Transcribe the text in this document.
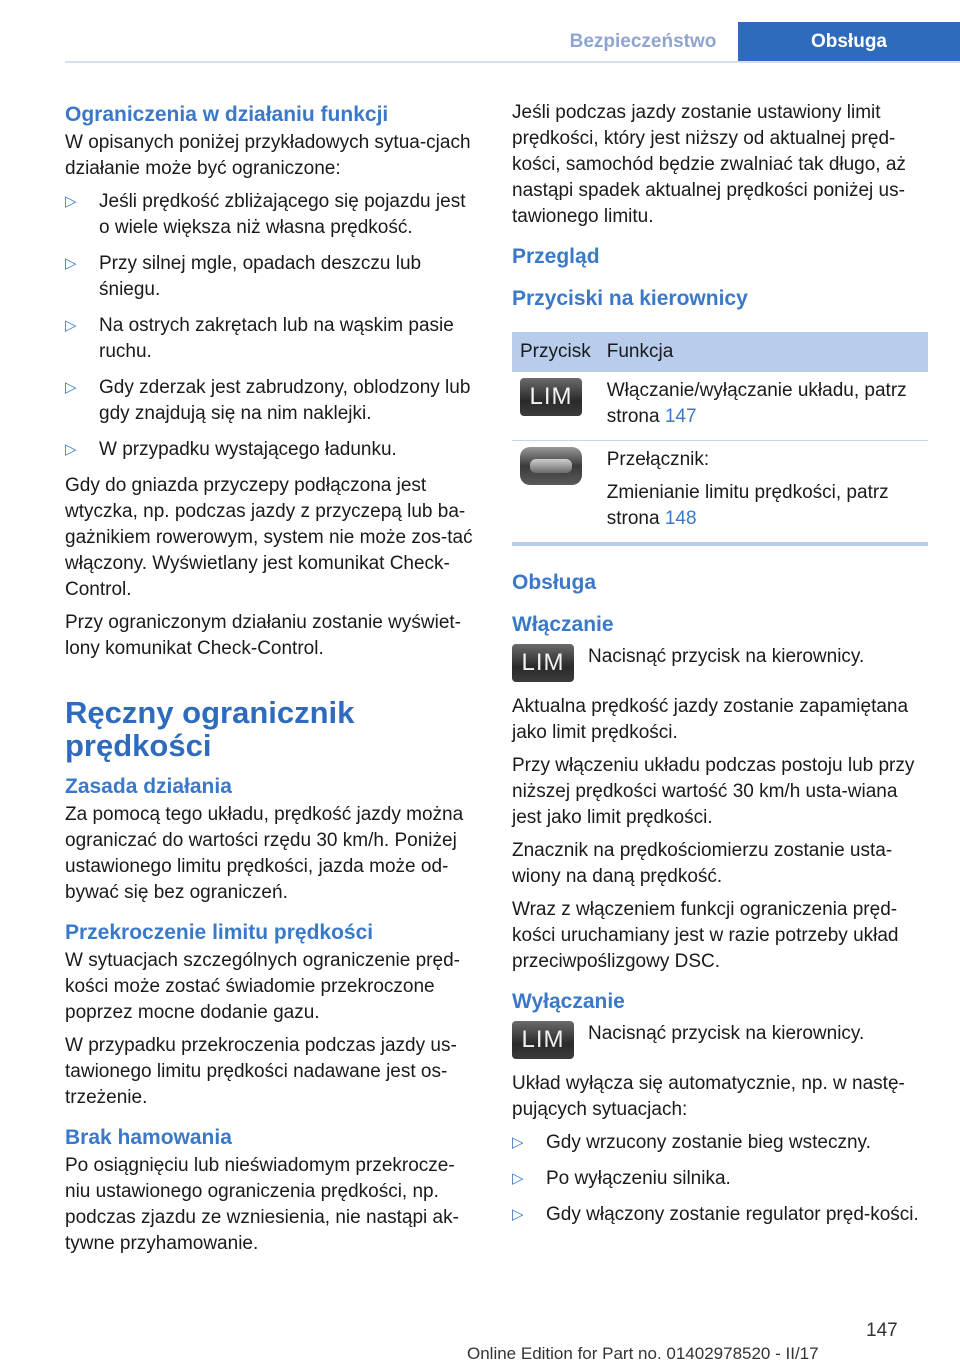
Bezpieczeństwo	Obsługa
Ograniczenia w działaniu funkcji

W opisanych poniżej przykładowych sytua-cjach działanie może być ograniczone:

▷ Jeśli prędkość zbliżającego się pojazdu jest o wiele większa niż własna prędkość.
▷ Przy silnej mgle, opadach deszczu lub śniegu.
▷ Na ostrych zakrętach lub na wąskim pasie ruchu.
▷ Gdy zderzak jest zabrudzony, oblodzony lub gdy znajdują się na nim naklejki.
▷ W przypadku wystającego ładunku.

Gdy do gniazda przyczepy podłączona jest wtyczka, np. podczas jazdy z przyczepą lub ba-gażnikiem rowerowym, system nie może zos-tać włączony. Wyświetlany jest komunikat Check-Control.

Przy ograniczonym działaniu zostanie wyświet-lony komunikat Check-Control.

Ręczny ogranicznik prędkości
Zasada działania

Za pomocą tego układu, prędkość jazdy można ograniczać do wartości rzędu 30 km/h. Poniżej ustawionego limitu prędkości, jazda może od-bywać się bez ograniczeń.

Przekroczenie limitu prędkości

W sytuacjach szczególnych ograniczenie pręd-kości może zostać świadomie przekroczone poprzez mocne dodanie gazu.

W przypadku przekroczenia podczas jazdy us-tawionego limitu prędkości nadawane jest os-trzeżenie.

Brak hamowania

Po osiągnięciu lub nieświadomym przekrocze-niu ustawionego ograniczenia prędkości, np. podczas zjazdu ze wzniesienia, nie nastąpi ak-tywne przyhamowanie.

Jeśli podczas jazdy zostanie ustawiony limit prędkości, który jest niższy od aktualnej pręd-kości, samochód będzie zwalniać tak długo, aż nastąpi spadek aktualnej prędkości poniżej us-tawionego limitu.

Przegląd
Przyciski na kierownicy
Przycisk	Funkcja

LIM	Włączanie/wyłączanie układu, patrz strona 147

	Przełącznik:

Zmienianie limitu prędkości, patrz strona 148
Obsługa
Włączanie
LIM	Nacisnąć przycisk na kierownicy.

Aktualna prędkość jazdy zostanie zapamiętana jako limit prędkości.

Przy włączeniu układu podczas postoju lub przy niższej prędkości wartość 30 km/h usta-wiana jest jako limit prędkości.

Znacznik na prędkościomierzu zostanie usta-wiony na daną prędkość.

Wraz z włączeniem funkcji ograniczenia pręd-kości uruchamiany jest w razie potrzeby układ przeciwpoślizgowy DSC.

Wyłączanie
LIM	Nacisnąć przycisk na kierownicy.

Układ wyłącza się automatycznie, np. w nastę-pujących sytuacjach:

▷ Gdy wrzucony zostanie bieg wsteczny.
▷ Po wyłączeniu silnika.
▷ Gdy włączony zostanie regulator pręd-kości.
147
Online Edition for Part no. 01402978520 - II/17
